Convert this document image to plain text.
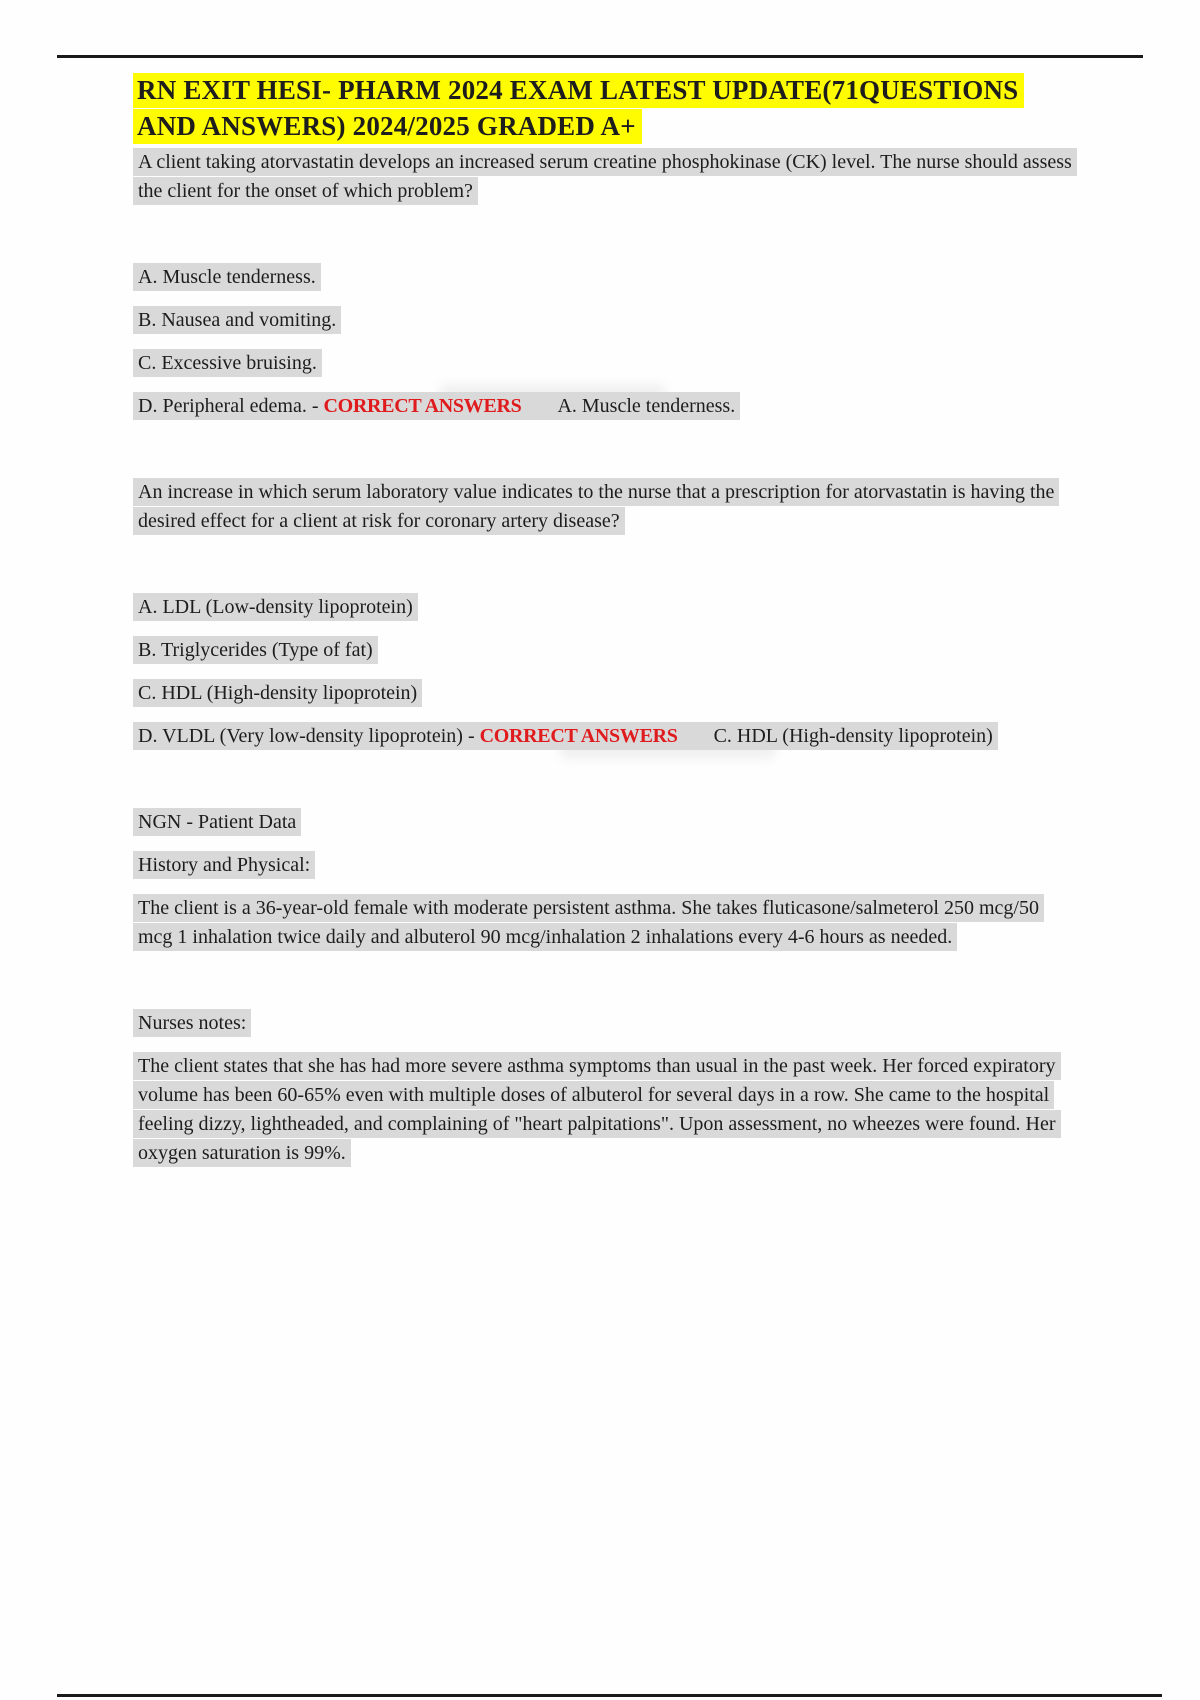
RN EXIT HESI- PHARM 2024 EXAM LATEST UPDATE(71QUESTIONS
AND ANSWERS) 2024/2025 GRADED A+

A client taking atorvastatin develops an increased serum creatine phosphokinase (CK) level. The nurse should assess the client for the onset of which problem?

A. Muscle tenderness.

B. Nausea and vomiting.

C. Excessive bruising.

D. Peripheral edema. - CORRECT ANSWERS A. Muscle tenderness.

An increase in which serum laboratory value indicates to the nurse that a prescription for atorvastatin is having the desired effect for a client at risk for coronary artery disease?

A. LDL (Low-density lipoprotein)

B. Triglycerides (Type of fat)

C. HDL (High-density lipoprotein)

D. VLDL (Very low-density lipoprotein) - CORRECT ANSWERS C. HDL (High-density lipoprotein)

NGN - Patient Data

History and Physical:

The client is a 36-year-old female with moderate persistent asthma. She takes fluticasone/salmeterol 250 mcg/50 mcg 1 inhalation twice daily and albuterol 90 mcg/inhalation 2 inhalations every 4-6 hours as needed.

Nurses notes:

The client states that she has had more severe asthma symptoms than usual in the past week. Her forced expiratory volume has been 60-65% even with multiple doses of albuterol for several days in a row. She came to the hospital feeling dizzy, lightheaded, and complaining of "heart palpitations". Upon assessment, no wheezes were found. Her oxygen saturation is 99%.
